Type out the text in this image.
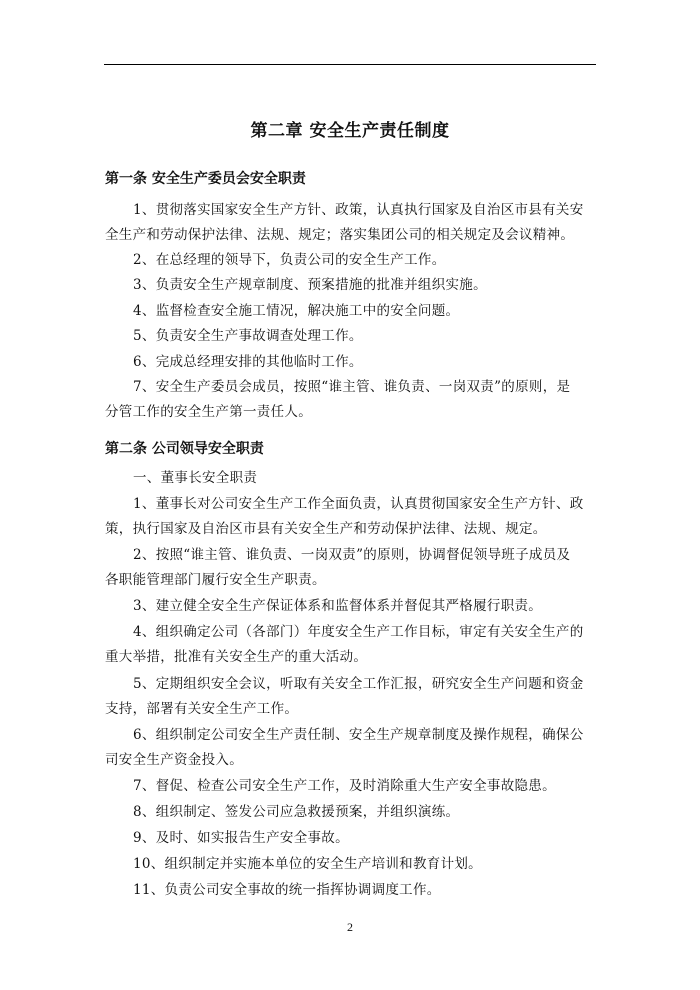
第二章 安全生产责任制度
第一条 安全生产委员会安全职责
1、贯彻落实国家安全生产方针、政策，认真执行国家及自治区市县有关安
全生产和劳动保护法律、法规、规定；落实集团公司的相关规定及会议精神。
2、在总经理的领导下，负责公司的安全生产工作。
3、负责安全生产规章制度、预案措施的批准并组织实施。
4、监督检查安全施工情况，解决施工中的安全问题。
5、负责安全生产事故调查处理工作。
6、完成总经理安排的其他临时工作。
7、安全生产委员会成员，按照“谁主管、谁负责、一岗双责”的原则，是
分管工作的安全生产第一责任人。
第二条 公司领导安全职责
一、董事长安全职责
1、董事长对公司安全生产工作全面负责，认真贯彻国家安全生产方针、政
策，执行国家及自治区市县有关安全生产和劳动保护法律、法规、规定。
2、按照“谁主管、谁负责、一岗双责”的原则，协调督促领导班子成员及
各职能管理部门履行安全生产职责。
3、建立健全安全生产保证体系和监督体系并督促其严格履行职责。
4、组织确定公司（各部门）年度安全生产工作目标，审定有关安全生产的
重大举措，批准有关安全生产的重大活动。
5、定期组织安全会议，听取有关安全工作汇报，研究安全生产问题和资金
支持，部署有关安全生产工作。
6、组织制定公司安全生产责任制、安全生产规章制度及操作规程，确保公
司安全生产资金投入。
7、督促、检查公司安全生产工作，及时消除重大生产安全事故隐患。
8、组织制定、签发公司应急救援预案，并组织演练。
9、及时、如实报告生产安全事故。
10、组织制定并实施本单位的安全生产培训和教育计划。
11、负责公司安全事故的统一指挥协调调度工作。
2
